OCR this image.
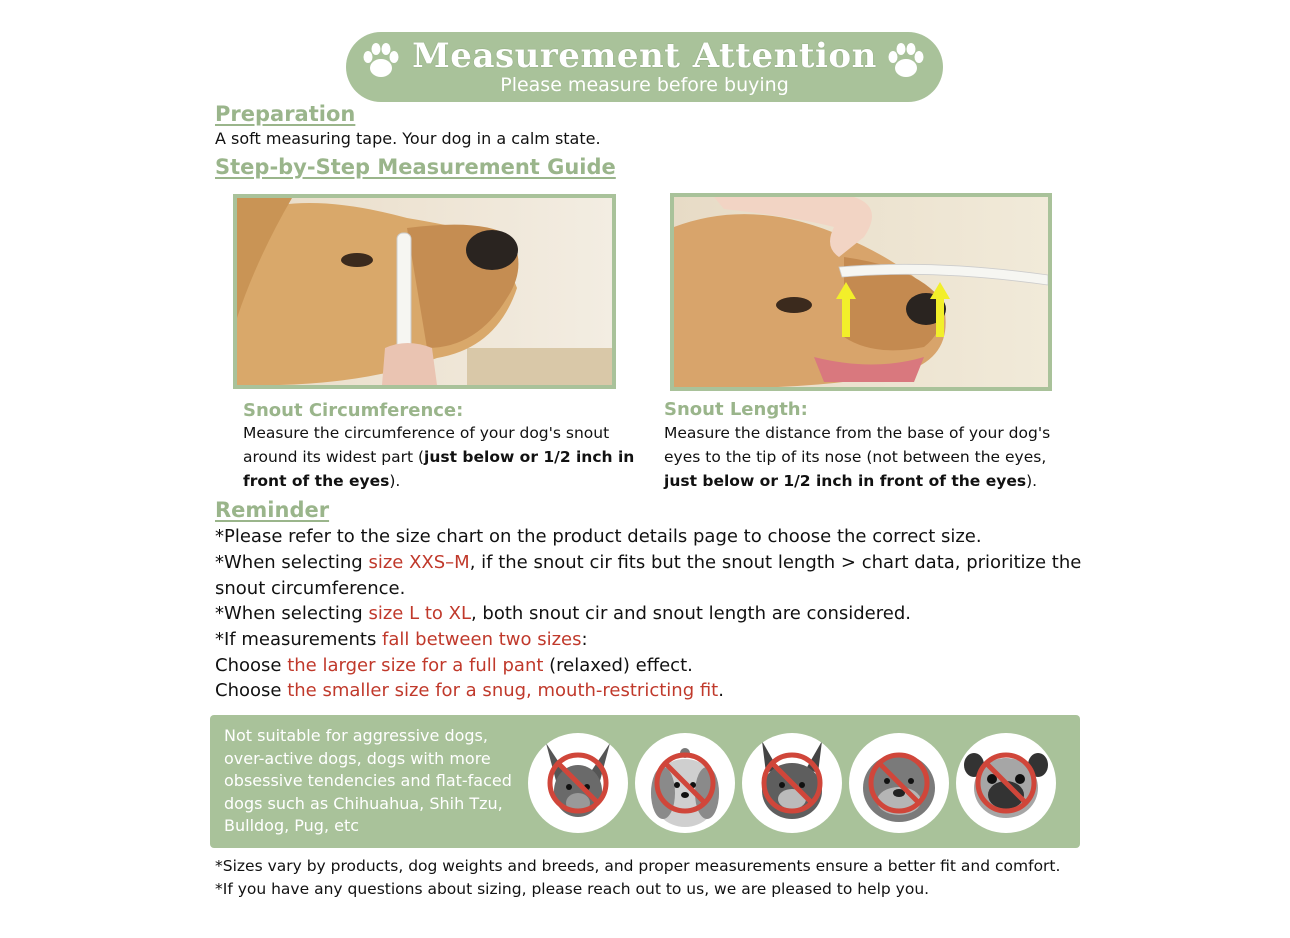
Measurement Attention
Please measure before buying
Preparation
A soft measuring tape. Your dog in a calm state.
Step-by-Step Measurement Guide
Snout Circumference:
Measure the circumference of your dog's snout
around its widest part (just below or 1/2 inch in
front of the eyes).
Snout Length:
Measure the distance from the base of your dog's
eyes to the tip of its nose (not between the eyes,
just below or 1/2 inch in front of the eyes).
Reminder
*Please refer to the size chart on the product details page to choose the correct size.
*When selecting size XXS–M, if the snout cir fits but the snout length > chart data, prioritize the
snout circumference.
*When selecting size L to XL, both snout cir and snout length are considered.
*If measurements fall between two sizes:
Choose the larger size for a full pant (relaxed) effect.
Choose the smaller size for a snug, mouth-restricting fit.
Not suitable for aggressive dogs,
over-active dogs, dogs with more
obsessive tendencies and flat-faced
dogs such as Chihuahua, Shih Tzu,
Bulldog, Pug, etc
*Sizes vary by products, dog weights and breeds, and proper measurements ensure a better fit and comfort.
*If you have any questions about sizing, please reach out to us, we are pleased to help you.
